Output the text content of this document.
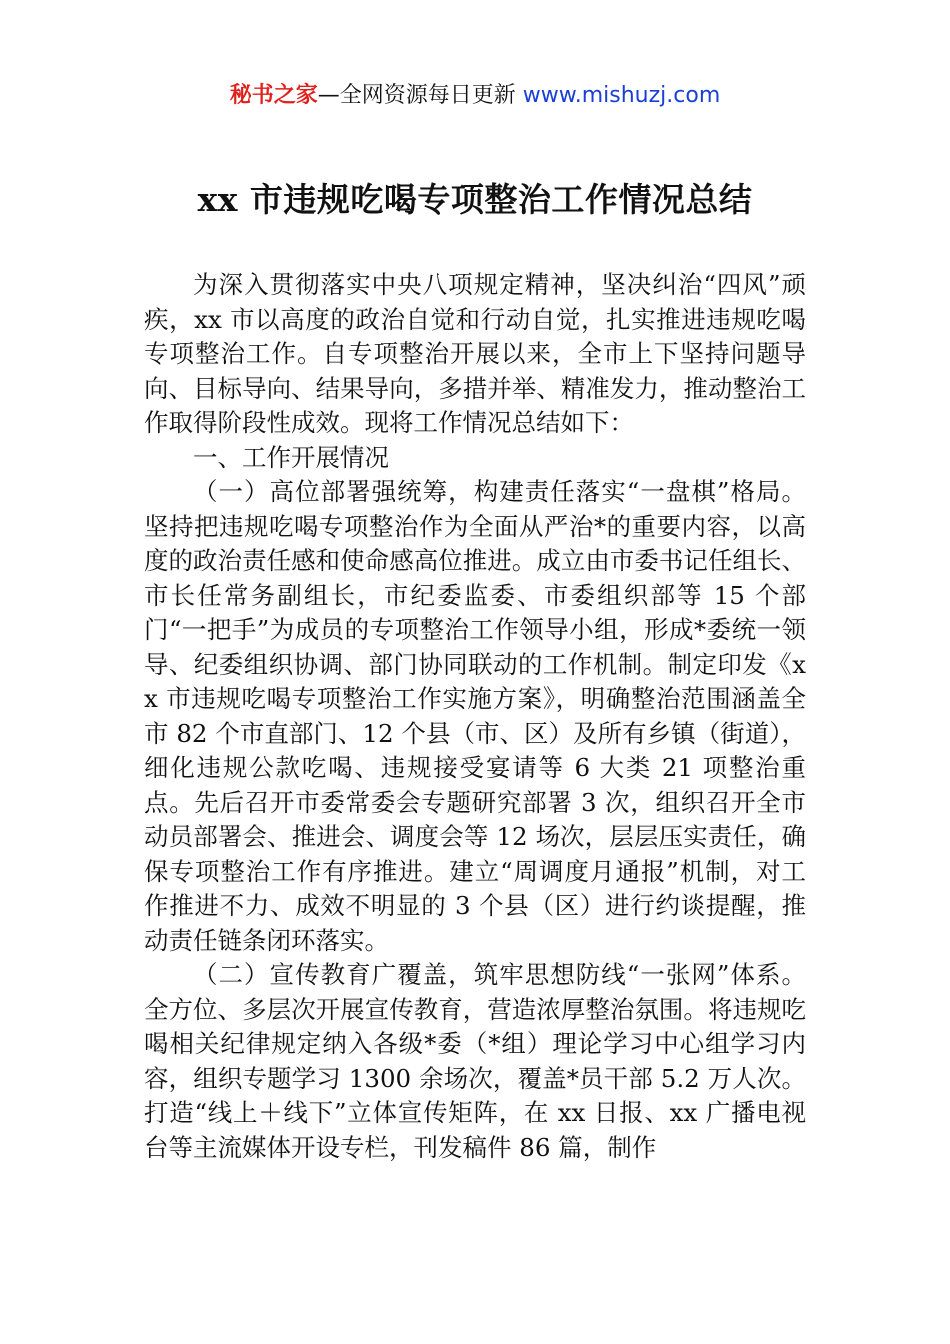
秘书之家—全网资源每日更新 www.mishuzj.com
xx 市违规吃喝专项整治工作情况总结

为深入贯彻落实中央八项规定精神，坚决纠治“四风”顽疾，xx 市以高度的政治自觉和行动自觉，扎实推进违规吃喝专项整治工作。自专项整治开展以来，全市上下坚持问题导向、目标导向、结果导向，多措并举、精准发力，推动整治工作取得阶段性成效。现将工作情况总结如下：

一、工作开展情况

（一）高位部署强统筹，构建责任落实“一盘棋”格局。坚持把违规吃喝专项整治作为全面从严治*的重要内容，以高度的政治责任感和使命感高位推进。成立由市委书记任组长、市长任常务副组长，市纪委监委、市委组织部等 15 个部门“一把手”为成员的专项整治工作领导小组，形成*委统一领导、纪委组织协调、部门协同联动的工作机制。制定印发《xx 市违规吃喝专项整治工作实施方案》，明确整治范围涵盖全市 82 个市直部门、12 个县（市、区）及所有乡镇（街道），细化违规公款吃喝、违规接受宴请等 6 大类 21 项整治重点。先后召开市委常委会专题研究部署 3 次，组织召开全市动员部署会、推进会、调度会等 12 场次，层层压实责任，确保专项整治工作有序推进。建立“周调度月通报”机制，对工作推进不力、成效不明显的 3 个县（区）进行约谈提醒，推动责任链条闭环落实。

（二）宣传教育广覆盖，筑牢思想防线“一张网”体系。全方位、多层次开展宣传教育，营造浓厚整治氛围。将违规吃喝相关纪律规定纳入各级*委（*组）理论学习中心组学习内容，组织专题学习 1300 余场次，覆盖*员干部 5.2 万人次。打造“线上＋线下”立体宣传矩阵，在 xx 日报、xx 广播电视台等主流媒体开设专栏，刊发稿件 86 篇，制作
